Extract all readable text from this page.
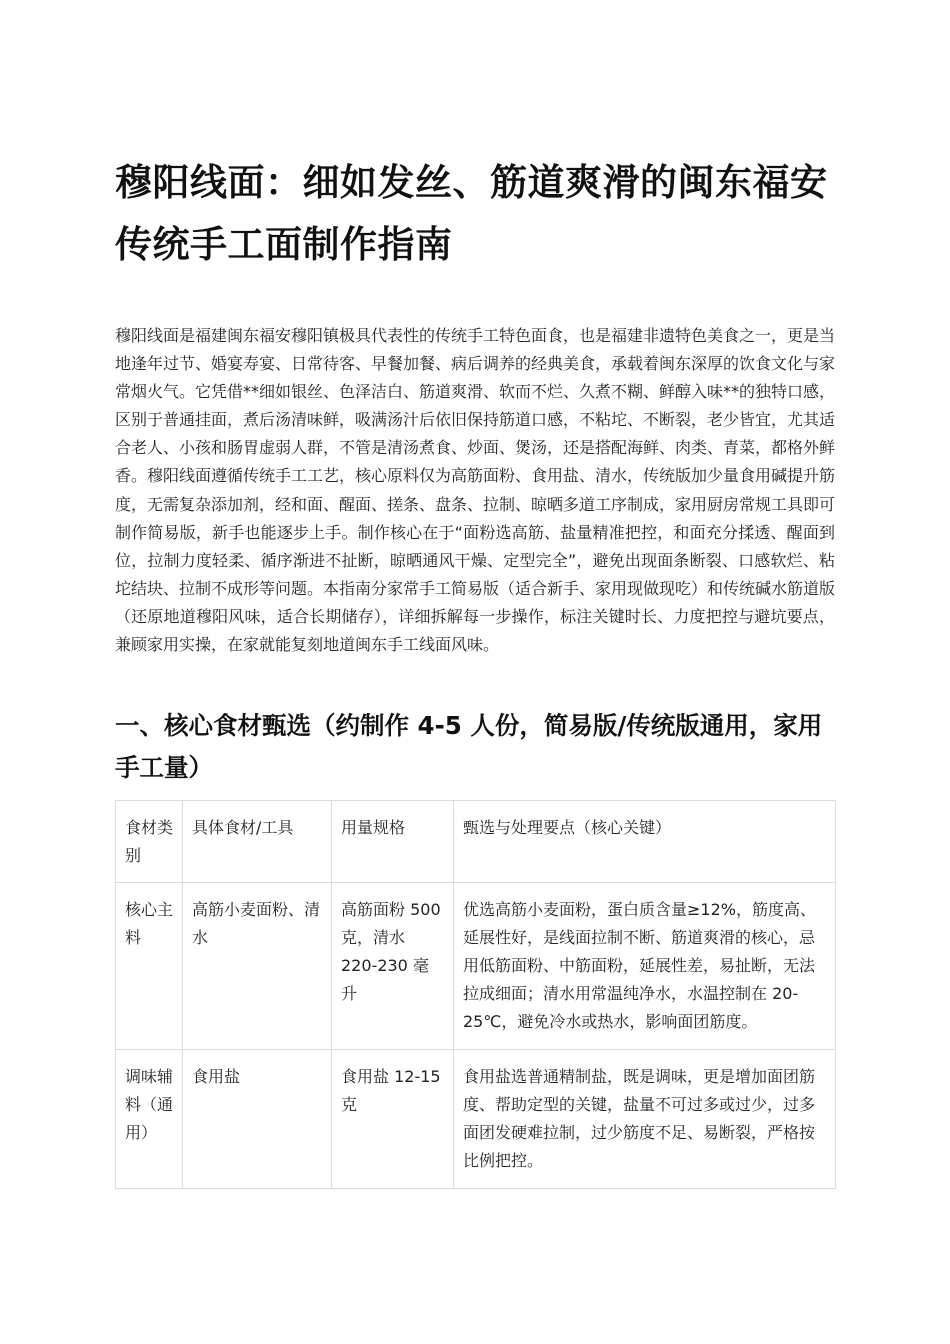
穆阳线面：细如发丝、筋道爽滑的闽东福安传统手工面制作指南

穆阳线面是福建闽东福安穆阳镇极具代表性的传统手工特色面食，也是福建非遗特色美食之一，更是当地逢年过节、婚宴寿宴、日常待客、早餐加餐、病后调养的经典美食，承载着闽东深厚的饮食文化与家常烟火气。它凭借**细如银丝、色泽洁白、筋道爽滑、软而不烂、久煮不糊、鲜醇入味**的独特口感，区别于普通挂面，煮后汤清味鲜，吸满汤汁后依旧保持筋道口感，不粘坨、不断裂，老少皆宜，尤其适合老人、小孩和肠胃虚弱人群，不管是清汤煮食、炒面、煲汤，还是搭配海鲜、肉类、青菜，都格外鲜香。穆阳线面遵循传统手工工艺，核心原料仅为高筋面粉、食用盐、清水，传统版加少量食用碱提升筋度，无需复杂添加剂，经和面、醒面、搓条、盘条、拉制、晾晒多道工序制成，家用厨房常规工具即可制作简易版，新手也能逐步上手。制作核心在于“面粉选高筋、盐量精准把控，和面充分揉透、醒面到位，拉制力度轻柔、循序渐进不扯断，晾晒通风干燥、定型完全”，避免出现面条断裂、口感软烂、粘坨结块、拉制不成形等问题。本指南分家常手工简易版（适合新手、家用现做现吃）和传统碱水筋道版（还原地道穆阳风味，适合长期储存），详细拆解每一步操作，标注关键时长、力度把控与避坑要点，兼顾家用实操，在家就能复刻地道闽东手工线面风味。

一、核心食材甄选（约制作 4-5 人份，简易版/传统版通用，家用手工量）
食材类别	具体食材/工具	用量规格	甄选与处理要点（核心关键）
核心主料	高筋小麦面粉、清水	高筋面粉 500 克，清水 220-230 毫升	优选高筋小麦面粉，蛋白质含量≥12%，筋度高、延展性好，是线面拉制不断、筋道爽滑的核心，忌用低筋面粉、中筋面粉，延展性差，易扯断，无法拉成细面；清水用常温纯净水，水温控制在 20-25℃，避免冷水或热水，影响面团筋度。
调味辅料（通用）	食用盐	食用盐 12-15 克	食用盐选普通精制盐，既是调味，更是增加面团筋度、帮助定型的关键，盐量不可过多或过少，过多面团发硬难拉制，过少筋度不足、易断裂，严格按比例把控。
